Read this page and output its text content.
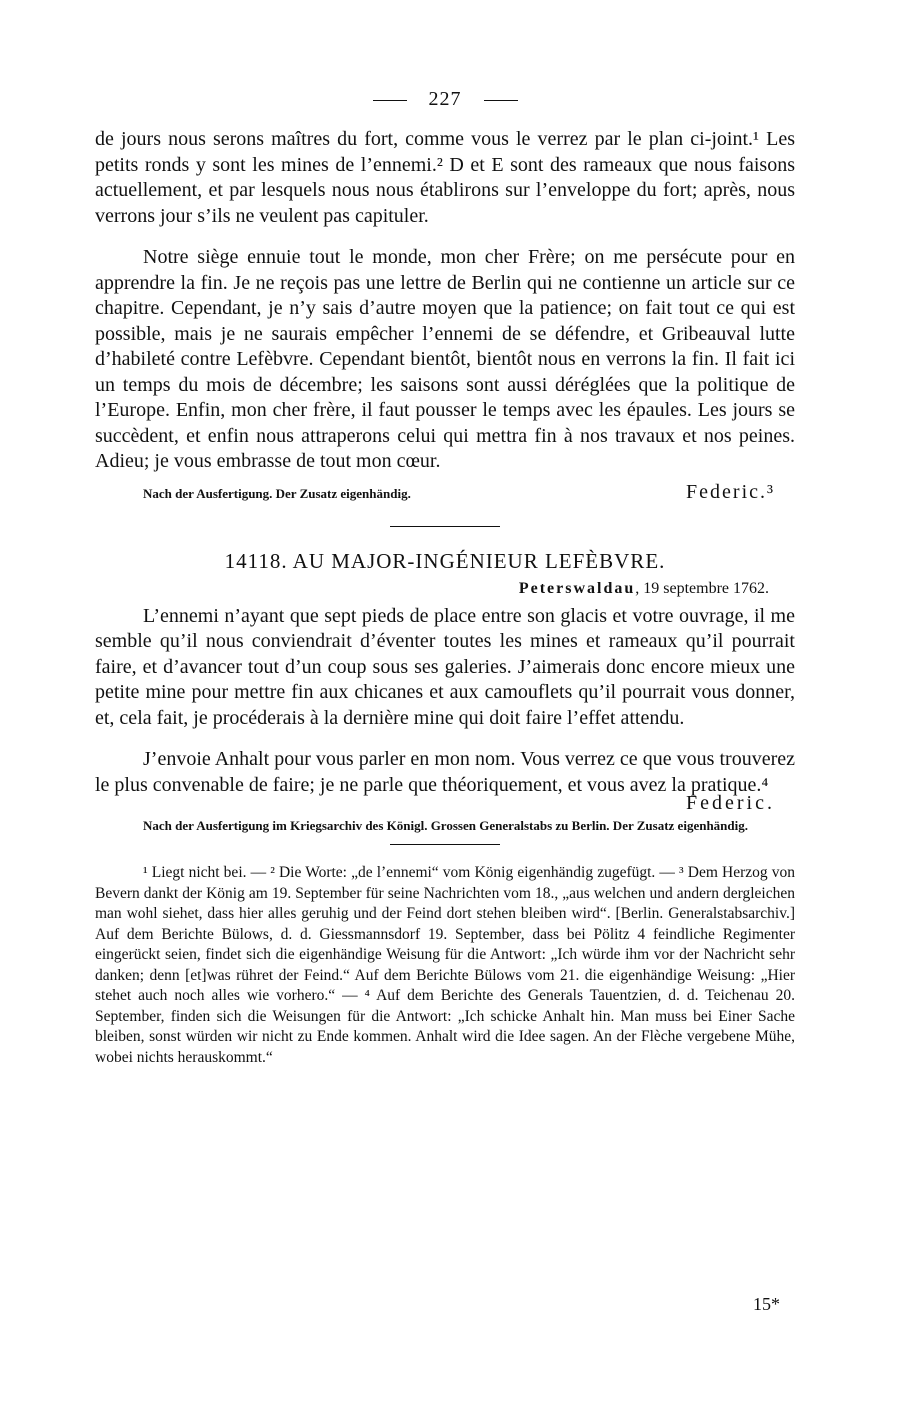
227

de jours nous serons maîtres du fort, comme vous le verrez par le plan ci-joint.¹ Les petits ronds y sont les mines de l’ennemi.² D et E sont des rameaux que nous faisons actuellement, et par lesquels nous nous établirons sur l’enveloppe du fort; après, nous verrons jour s’ils ne veulent pas capituler.

Notre siège ennuie tout le monde, mon cher Frère; on me persécute pour en apprendre la fin. Je ne reçois pas une lettre de Berlin qui ne contienne un article sur ce chapitre. Cependant, je n’y sais d’autre moyen que la patience; on fait tout ce qui est possible, mais je ne saurais empêcher l’ennemi de se défendre, et Gribeauval lutte d’habileté contre Lefèbvre. Cependant bientôt, bientôt nous en verrons la fin. Il fait ici un temps du mois de décembre; les saisons sont aussi déréglées que la politique de l’Europe. Enfin, mon cher frère, il faut pousser le temps avec les épaules. Les jours se succèdent, et enfin nous attraperons celui qui mettra fin à nos travaux et nos peines. Adieu; je vous embrasse de tout mon cœur.

Nach der Ausfertigung. Der Zusatz eigenhändig.	Federic.³
14118. AU MAJOR-INGÉNIEUR LEFÈBVRE.
Peterswaldau, 19 septembre 1762.

L’ennemi n’ayant que sept pieds de place entre son glacis et votre ouvrage, il me semble qu’il nous conviendrait d’éventer toutes les mines et rameaux qu’il pourrait faire, et d’avancer tout d’un coup sous ses galeries. J’aimerais donc encore mieux une petite mine pour mettre fin aux chicanes et aux camouflets qu’il pourrait vous donner, et, cela fait, je procéderais à la dernière mine qui doit faire l’effet attendu.

J’envoie Anhalt pour vous parler en mon nom. Vous verrez ce que vous trouverez le plus convenable de faire; je ne parle que théoriquement, et vous avez la pratique.⁴

Federic.
Nach der Ausfertigung im Kriegsarchiv des Königl. Grossen Generalstabs zu Berlin. Der Zusatz eigenhändig.
¹ Liegt nicht bei. — ² Die Worte: „de l’ennemi“ vom König eigenhändig zugefügt. — ³ Dem Herzog von Bevern dankt der König am 19. September für seine Nachrichten vom 18., „aus welchen und andern dergleichen man wohl siehet, dass hier alles geruhig und der Feind dort stehen bleiben wird“. [Berlin. Generalstabsarchiv.] Auf dem Berichte Bülows, d. d. Giessmannsdorf 19. September, dass bei Pölitz 4 feindliche Regimenter eingerückt seien, findet sich die eigenhändige Weisung für die Antwort: „Ich würde ihm vor der Nachricht sehr danken; denn [et]was rühret der Feind.“ Auf dem Berichte Bülows vom 21. die eigenhändige Weisung: „Hier stehet auch noch alles wie vorhero.“ — ⁴ Auf dem Berichte des Generals Tauentzien, d. d. Teichenau 20. September, finden sich die Weisungen für die Antwort: „Ich schicke Anhalt hin. Man muss bei Einer Sache bleiben, sonst würden wir nicht zu Ende kommen. Anhalt wird die Idee sagen. An der Flèche vergebene Mühe, wobei nichts herauskommt.“
15*
